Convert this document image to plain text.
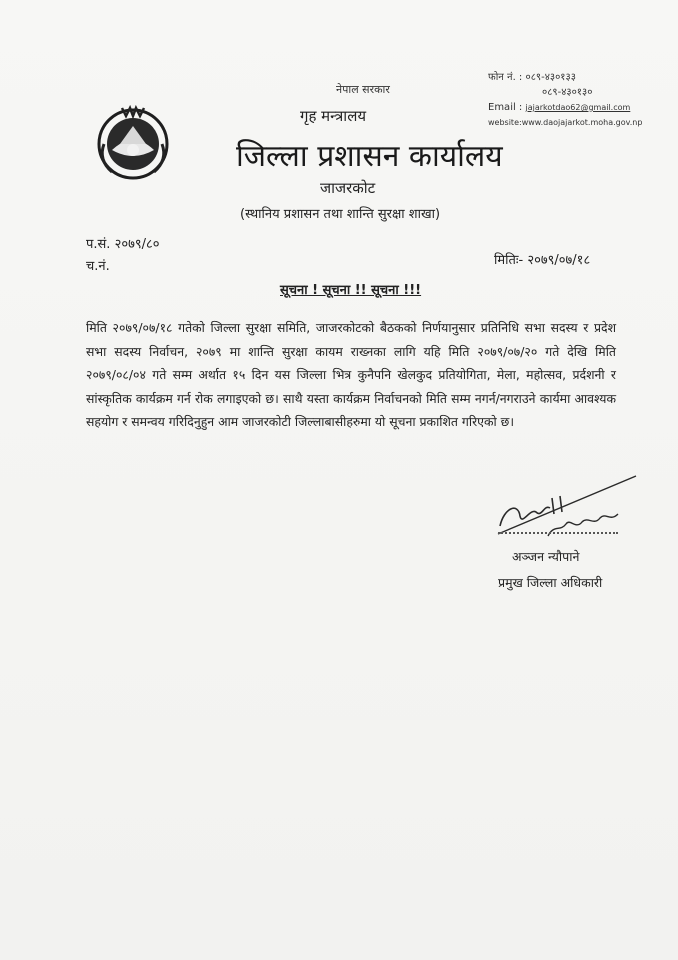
नेपाल सरकार
गृह मन्त्रालय
जिल्ला प्रशासन कार्यालय
जाजरकोट
(स्थानिय प्रशासन तथा शान्ति सुरक्षा शाखा)
फोन नं. : ०८९-४३०१३३
०८९-४३०१३०
Email : jajarkotdao62@gmail.com
website:www.daojajarkot.moha.gov.np
प.सं. २०७९/८०
च.नं.	मितिः- २०७९/०७/१८
सूचना ! सूचना !! सूचना !!!
मिति २०७९/०७/१८ गतेको जिल्ला सुरक्षा समिति, जाजरकोटको बैठकको निर्णयानुसार प्रतिनिधि सभा सदस्य र प्रदेश सभा सदस्य निर्वाचन, २०७९ मा शान्ति सुरक्षा कायम राख्नका लागि यहि मिति २०७९/०७/२० गते देखि मिति २०७९/०८/०४ गते सम्म अर्थात १५ दिन यस जिल्ला भित्र कुनैपनि खेलकुद प्रतियोगिता, मेला, महोत्सव, प्रर्दशनी र सांस्कृतिक कार्यक्रम गर्न रोक लगाइएको छ। साथै यस्ता कार्यक्रम निर्वाचनको मिति सम्म नगर्न/नगराउने कार्यमा आवश्यक सहयोग र समन्वय गरिदिनुहुन आम जाजरकोटी जिल्लाबासीहरुमा यो सूचना प्रकाशित गरिएको छ।
अञ्जन न्यौपाने
प्रमुख जिल्ला अधिकारी
